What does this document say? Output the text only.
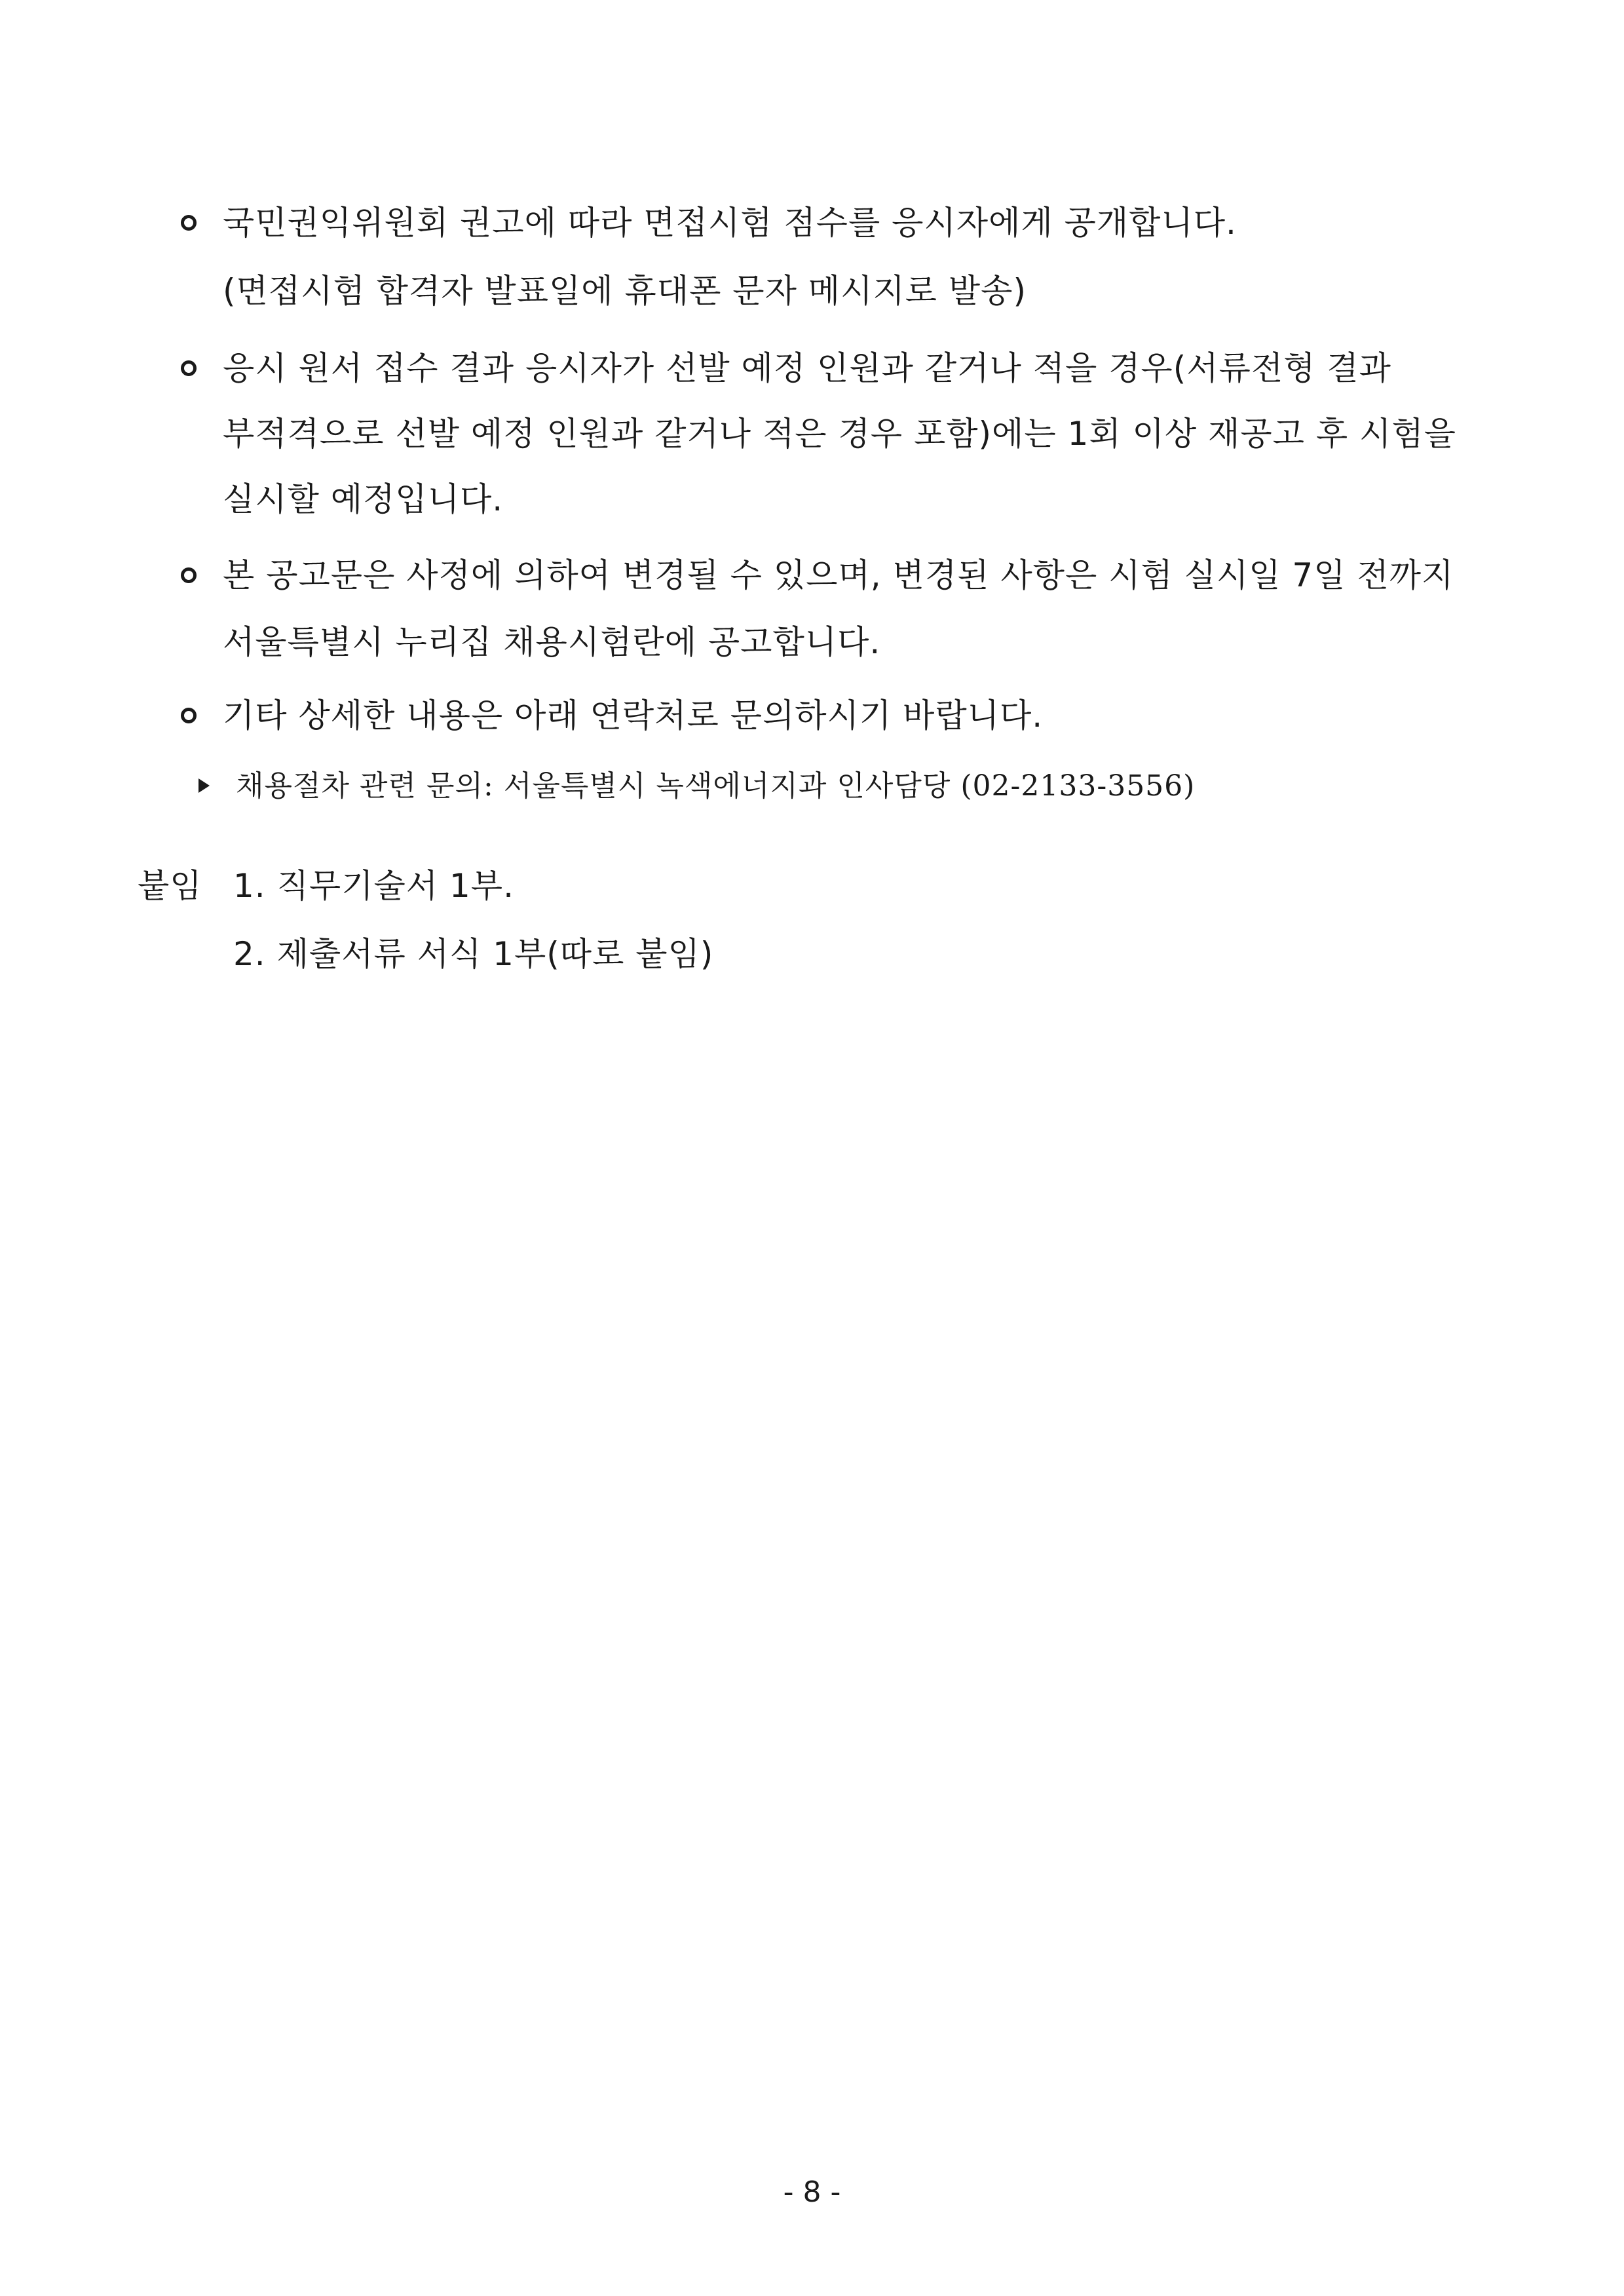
국민권익위원회 권고에 따라 면접시험 점수를 응시자에게 공개합니다.
(면접시험 합격자 발표일에 휴대폰 문자 메시지로 발송)
응시 원서 접수 결과 응시자가 선발 예정 인원과 같거나 적을 경우(서류전형 결과
부적격으로 선발 예정 인원과 같거나 적은 경우 포함)에는 1회 이상 재공고 후 시험을
실시할 예정입니다.
본 공고문은 사정에 의하여 변경될 수 있으며, 변경된 사항은 시험 실시일 7일 전까지
서울특별시 누리집 채용시험란에 공고합니다.
기타 상세한 내용은 아래 연락처로 문의하시기 바랍니다.
채용절차 관련 문의: 서울특별시 녹색에너지과 인사담당 (02-2133-3556)
붙임 1. 직무기술서 1부.
2. 제출서류 서식 1부(따로 붙임)
- 8 -
